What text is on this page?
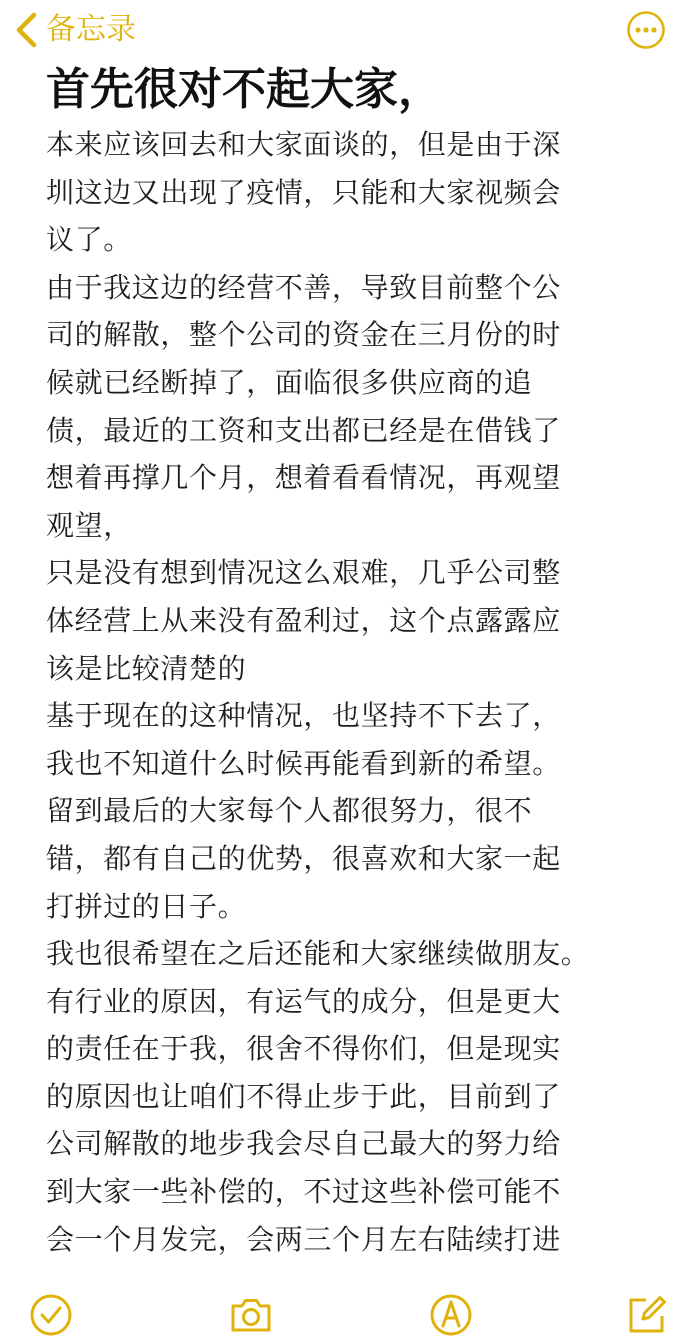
备忘录
首先很对不起大家，
本来应该回去和大家面谈的，但是由于深
圳这边又出现了疫情，只能和大家视频会
议了。
由于我这边的经营不善，导致目前整个公
司的解散，整个公司的资金在三月份的时
候就已经断掉了，面临很多供应商的追
债，最近的工资和支出都已经是在借钱了
想着再撑几个月，想着看看情况，再观望
观望，
只是没有想到情况这么艰难，几乎公司整
体经营上从来没有盈利过，这个点露露应
该是比较清楚的
基于现在的这种情况，也坚持不下去了，
我也不知道什么时候再能看到新的希望。
留到最后的大家每个人都很努力，很不
错，都有自己的优势，很喜欢和大家一起
打拼过的日子。
我也很希望在之后还能和大家继续做朋友。
有行业的原因，有运气的成分，但是更大
的责任在于我，很舍不得你们，但是现实
的原因也让咱们不得止步于此，目前到了
公司解散的地步我会尽自己最大的努力给
到大家一些补偿的，不过这些补偿可能不
会一个月发完，会两三个月左右陆续打进
